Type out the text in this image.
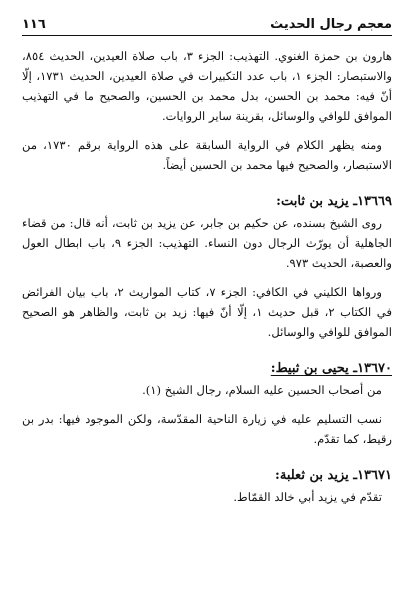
معجم رجال الحديث
١١٦

هارون بن حمزة الغنوي. التهذيب: الجزء ٣، باب صلاة العيدين، الحديث ٨٥٤، والاستبصار: الجزء ١، باب عدد التكبيرات في صلاة العيدين، الحديث ١٧٣١، إلّا أنّ فيه: محمد بن الحسن، بدل محمد بن الحسين، والصحيح ما في التهذيب الموافق للوافي والوسائل، بقرينة ساير الروايات.

ومنه يظهر الكلام في الرواية السابقة على هذه الرواية برقم ١٧٣٠، من الاستبصار، والصحيح فيها محمد بن الحسين أيضاً.

١٣٦٦٩ـ يزيد بن ثابت:

روى الشيخ بسنده، عن حكيم بن جابر، عن يزيد بن ثابت، أنه قال: من قضاء الجاهلية أن يورّث الرجال دون النساء. التهذيب: الجزء ٩، باب ابطال العول والعصبة، الحديث ٩٧٣.

ورواها الكليني في الكافي: الجزء ٧، كتاب المواريث ٢، باب بيان الفرائض في الكتاب ٢، قبل حديث ١، إلّا أنّ فيها: زيد بن ثابت، والظاهر هو الصحيح الموافق للوافي والوسائل.

١٣٦٧٠ـ يحيى بن ثبيط:

من أصحاب الحسين عليه السلام، رجال الشيخ (١).

نسب التسليم عليه في زيارة الناحية المقدّسة، ولكن الموجود فيها: بدر بن رقيط، كما تقدّم.

١٣٦٧١ـ يزيد بن ثعلبة:

تقدّم في يزيد أبي خالد القمّاط.
